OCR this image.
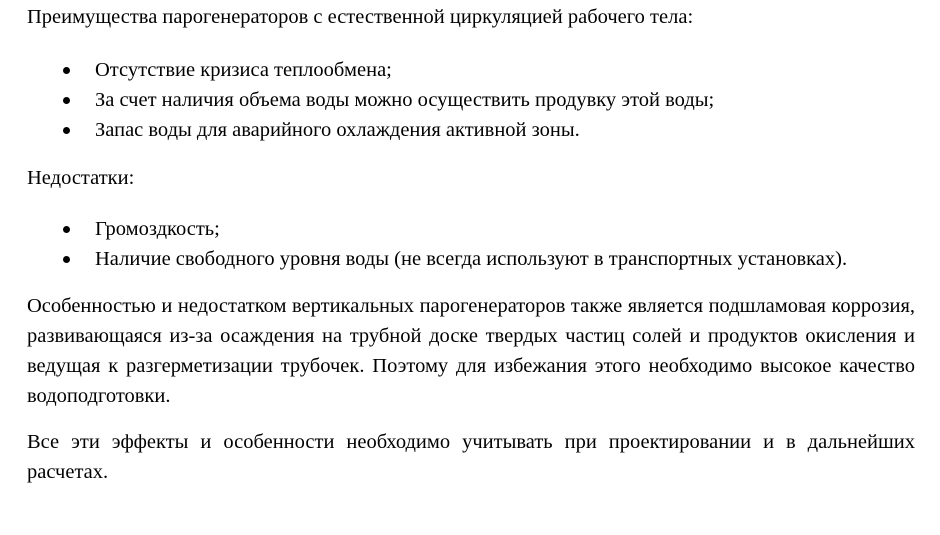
Преимущества парогенераторов с естественной циркуляцией рабочего тела:

Отсутствие кризиса теплообмена;
За счет наличия объема воды можно осуществить продувку этой воды;
Запас воды для аварийного охлаждения активной зоны.

Недостатки:

Громоздкость;
Наличие свободного уровня воды (не всегда используют в транспортных установках).

Особенностью и недостатком вертикальных парогенераторов также является подшламовая коррозия, развивающаяся из-за осаждения на трубной доске твердых частиц солей и продуктов окисления и ведущая к разгерметизации трубочек. Поэтому для избежания этого необходимо высокое качество водоподготовки.

Все эти эффекты и особенности необходимо учитывать при проектировании и в дальнейших расчетах.
